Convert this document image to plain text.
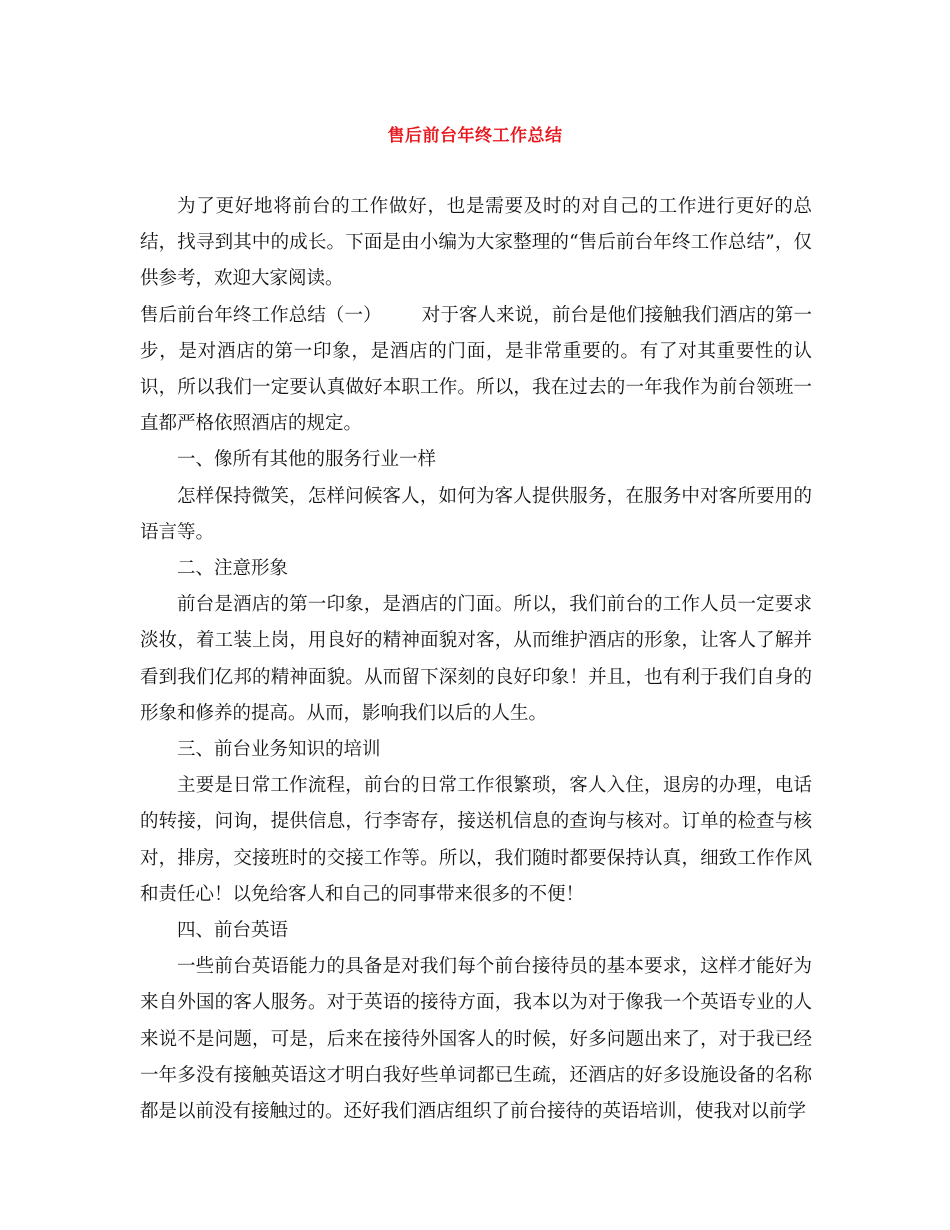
售后前台年终工作总结

为了更好地将前台的工作做好，也是需要及时的对自己的工作进行更好的总结，找寻到其中的成长。下面是由小编为大家整理的“售后前台年终工作总结”，仅供参考，欢迎大家阅读。

售后前台年终工作总结（一） 对于客人来说，前台是他们接触我们酒店的第一步，是对酒店的第一印象，是酒店的门面，是非常重要的。有了对其重要性的认识，所以我们一定要认真做好本职工作。所以，我在过去的一年我作为前台领班一直都严格依照酒店的规定。

一、像所有其他的服务行业一样

怎样保持微笑，怎样问候客人，如何为客人提供服务，在服务中对客所要用的语言等。

二、注意形象

前台是酒店的第一印象，是酒店的门面。所以，我们前台的工作人员一定要求淡妆，着工装上岗，用良好的精神面貌对客，从而维护酒店的形象，让客人了解并看到我们亿邦的精神面貌。从而留下深刻的良好印象！并且，也有利于我们自身的形象和修养的提高。从而，影响我们以后的人生。

三、前台业务知识的培训

主要是日常工作流程，前台的日常工作很繁琐，客人入住，退房的办理，电话的转接，问询，提供信息，行李寄存，接送机信息的查询与核对。订单的检查与核对，排房，交接班时的交接工作等。所以，我们随时都要保持认真，细致工作作风和责任心！以免给客人和自己的同事带来很多的不便！

四、前台英语

一些前台英语能力的具备是对我们每个前台接待员的基本要求，这样才能好为来自外国的客人服务。对于英语的接待方面，我本以为对于像我一个英语专业的人来说不是问题，可是，后来在接待外国客人的时候，好多问题出来了，对于我已经一年多没有接触英语这才明白我好些单词都已生疏，还酒店的好多设施设备的名称都是以前没有接触过的。还好我们酒店组织了前台接待的英语培训，使我对以前学
